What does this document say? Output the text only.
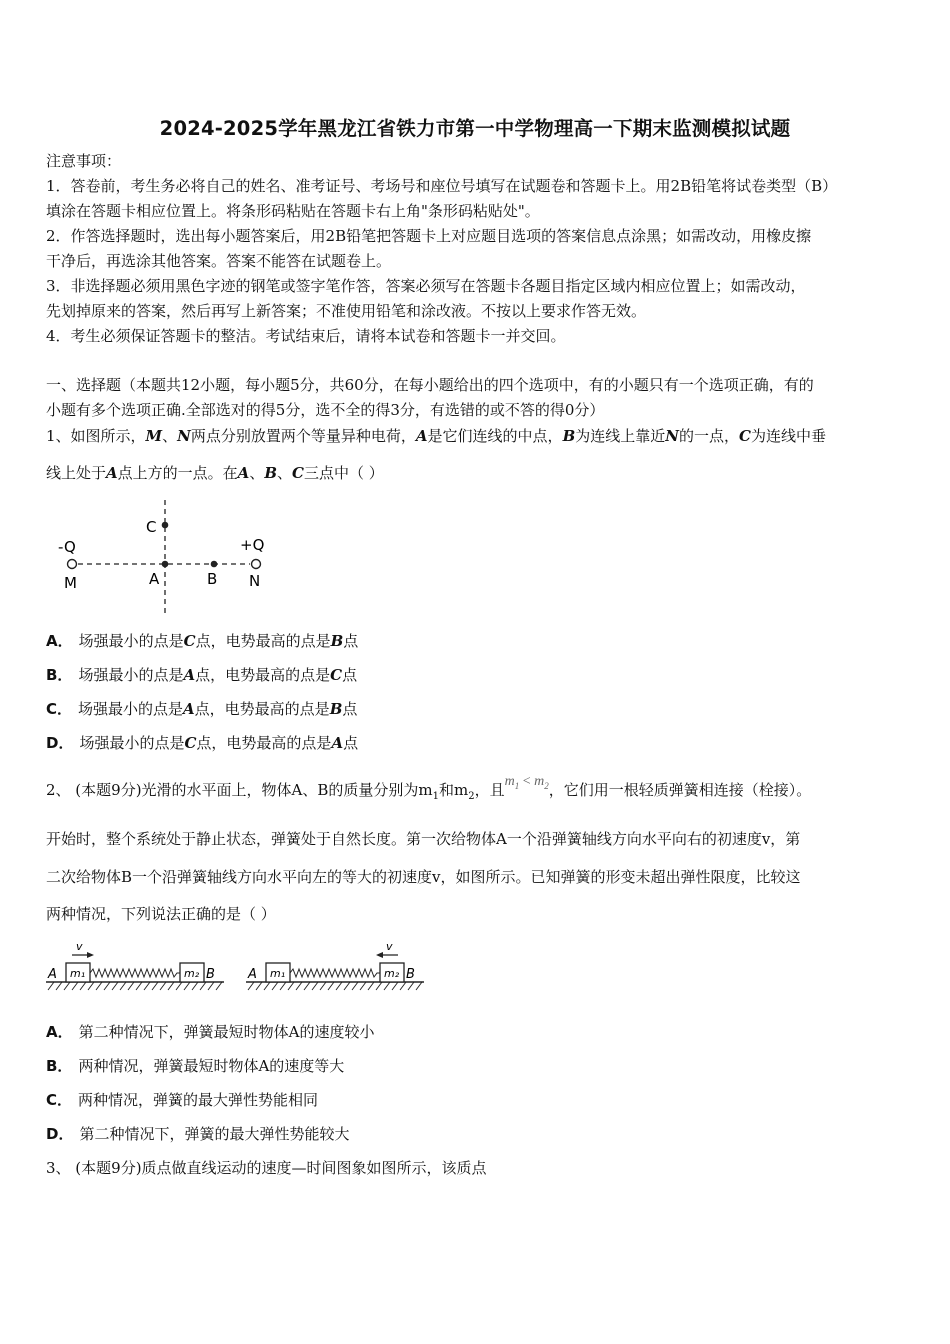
2024-2025学年黑龙江省铁力市第一中学物理高一下期末监测模拟试题
注意事项：
1．答卷前，考生务必将自己的姓名、准考证号、考场号和座位号填写在试题卷和答题卡上。用2B铅笔将试卷类型（B）
填涂在答题卡相应位置上。将条形码粘贴在答题卡右上角"条形码粘贴处"。
2．作答选择题时，选出每小题答案后，用2B铅笔把答题卡上对应题目选项的答案信息点涂黑；如需改动，用橡皮擦
干净后，再选涂其他答案。答案不能答在试题卷上。
3．非选择题必须用黑色字迹的钢笔或签字笔作答，答案必须写在答题卡各题目指定区域内相应位置上；如需改动，
先划掉原来的答案，然后再写上新答案；不准使用铅笔和涂改液。不按以上要求作答无效。
4．考生必须保证答题卡的整洁。考试结束后，请将本试卷和答题卡一并交回。
一、选择题（本题共12小题，每小题5分，共60分，在每小题给出的四个选项中，有的小题只有一个选项正确，有的
小题有多个选项正确.全部选对的得5分，选不全的得3分，有选错的或不答的得0分）
1、如图所示，M、N两点分别放置两个等量异种电荷，A是它们连线的中点，B为连线上靠近N的一点，C为连线中垂
线上处于A点上方的一点。在A、B、C三点中（ ）
-Q	+Q
M	A	B N
C
A． 场强最小的点是C点，电势最高的点是B点
B． 场强最小的点是A点，电势最高的点是C点
C． 场强最小的点是A点，电势最高的点是B点
D． 场强最小的点是C点，电势最高的点是A点
2、 (本题9分)光滑的水平面上，物体A、B的质量分别为$m_1$和$m_2$，且$m_1 < m_2$，它们用一根轻质弹簧相连接（栓接）。
开始时，整个系统处于静止状态，弹簧处于自然长度。第一次给物体A一个沿弹簧轴线方向水平向右的初速度v，第
二次给物体B一个沿弹簧轴线方向水平向左的等大的初速度v，如图所示。已知弹簧的形变未超出弹性限度，比较这
两种情况，下列说法正确的是（ ）
v
A	B
m₁	m₂
v
A	B
m₁	m₂
A． 第二种情况下，弹簧最短时物体A的速度较小
B． 两种情况，弹簧最短时物体A的速度等大
C． 两种情况，弹簧的最大弹性势能相同
D． 第二种情况下，弹簧的最大弹性势能较大
3、 (本题9分)质点做直线运动的速度—时间图象如图所示，该质点
